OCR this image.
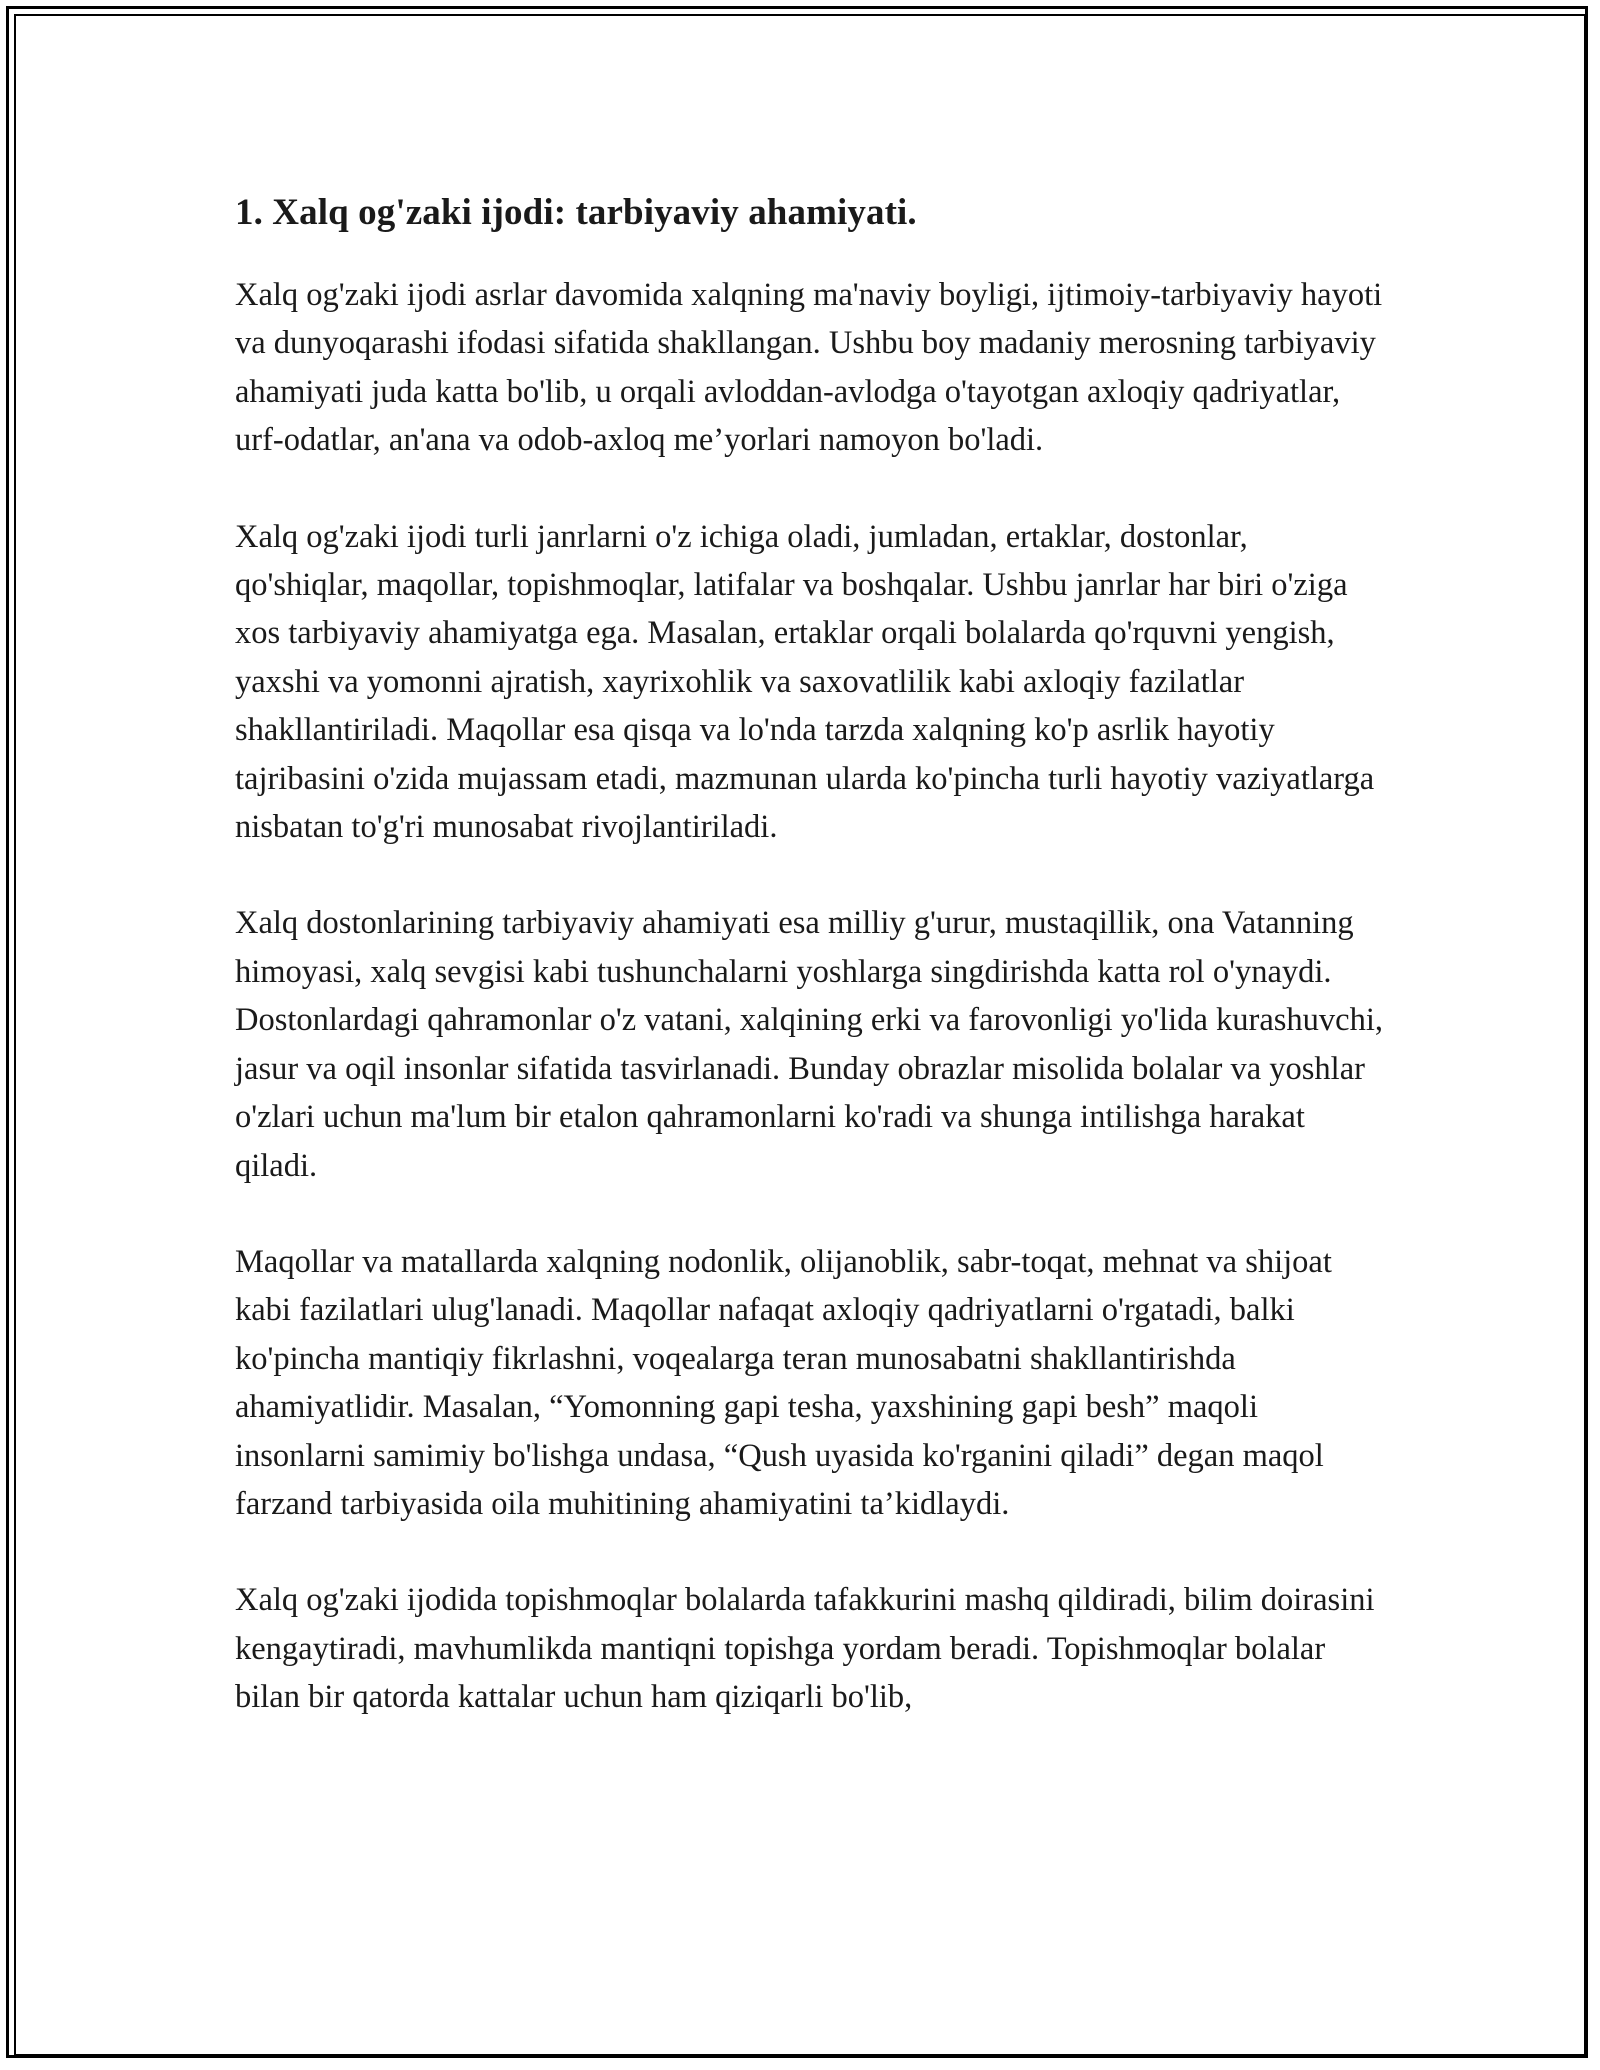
1. Xalq og'zaki ijodi: tarbiyaviy ahamiyati.

Xalq og'zaki ijodi asrlar davomida xalqning ma'naviy boyligi, ijtimoiy-tarbiyaviy hayoti va dunyoqarashi ifodasi sifatida shakllangan. Ushbu boy madaniy merosning tarbiyaviy ahamiyati juda katta bo'lib, u orqali avloddan-avlodga o'tayotgan axloqiy qadriyatlar, urf-odatlar, an'ana va odob-axloq me’yorlari namoyon bo'ladi.

Xalq og'zaki ijodi turli janrlarni o'z ichiga oladi, jumladan, ertaklar, dostonlar, qo'shiqlar, maqollar, topishmoqlar, latifalar va boshqalar. Ushbu janrlar har biri o'ziga xos tarbiyaviy ahamiyatga ega. Masalan, ertaklar orqali bolalarda qo'rquvni yengish, yaxshi va yomonni ajratish, xayrixohlik va saxovatlilik kabi axloqiy fazilatlar shakllantiriladi. Maqollar esa qisqa va lo'nda tarzda xalqning ko'p asrlik hayotiy tajribasini o'zida mujassam etadi, mazmunan ularda ko'pincha turli hayotiy vaziyatlarga nisbatan to'g'ri munosabat rivojlantiriladi.

Xalq dostonlarining tarbiyaviy ahamiyati esa milliy g'urur, mustaqillik, ona Vatanning himoyasi, xalq sevgisi kabi tushunchalarni yoshlarga singdirishda katta rol o'ynaydi. Dostonlardagi qahramonlar o'z vatani, xalqining erki va farovonligi yo'lida kurashuvchi, jasur va oqil insonlar sifatida tasvirlanadi. Bunday obrazlar misolida bolalar va yoshlar o'zlari uchun ma'lum bir etalon qahramonlarni ko'radi va shunga intilishga harakat qiladi.

Maqollar va matallarda xalqning nodonlik, olijanoblik, sabr-toqat, mehnat va shijoat kabi fazilatlari ulug'lanadi. Maqollar nafaqat axloqiy qadriyatlarni o'rgatadi, balki ko'pincha mantiqiy fikrlashni, voqealarga teran munosabatni shakllantirishda ahamiyatlidir. Masalan, “Yomonning gapi tesha, yaxshining gapi besh” maqoli insonlarni samimiy bo'lishga undasa, “Qush uyasida ko'rganini qiladi” degan maqol farzand tarbiyasida oila muhitining ahamiyatini ta’kidlaydi.

Xalq og'zaki ijodida topishmoqlar bolalarda tafakkurini mashq qildiradi, bilim doirasini kengaytiradi, mavhumlikda mantiqni topishga yordam beradi. Topishmoqlar bolalar bilan bir qatorda kattalar uchun ham qiziqarli bo'lib,
